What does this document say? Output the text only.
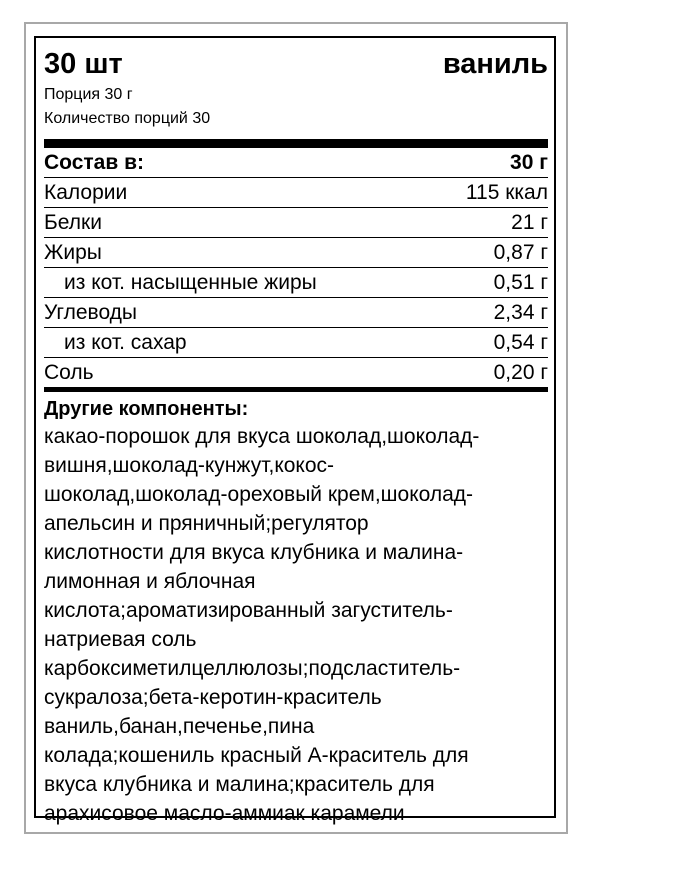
30 шт	ваниль
Порция 30 г
Количество порций 30
Состав в:	30 г
Калории	115 ккал
Белки	21 г
Жиры	0,87 г
из кот. насыщенные жиры	0,51 г
Углеводы	2,34 г
из кот. сахар	0,54 г
Соль	0,20 г
Другие компоненты:
какао-порошок для вкуса шоколад,шоколад-
вишня,шоколад-кунжут,кокос-
шоколад,шоколад-ореховый крем,шоколад-
апельсин и пряничный;регулятор
кислотности для вкуса клубника и малина-
лимонная и яблочная
кислота;ароматизированный загуститель-
натриевая соль
карбоксиметилцеллюлозы;подсластитель-
сукралоза;бета-керотин-краситель
ваниль,банан,печенье,пина
колада;кошениль красный А-краситель для
вкуса клубника и малина;краситель для
арахисовое масло-аммиак карамели
